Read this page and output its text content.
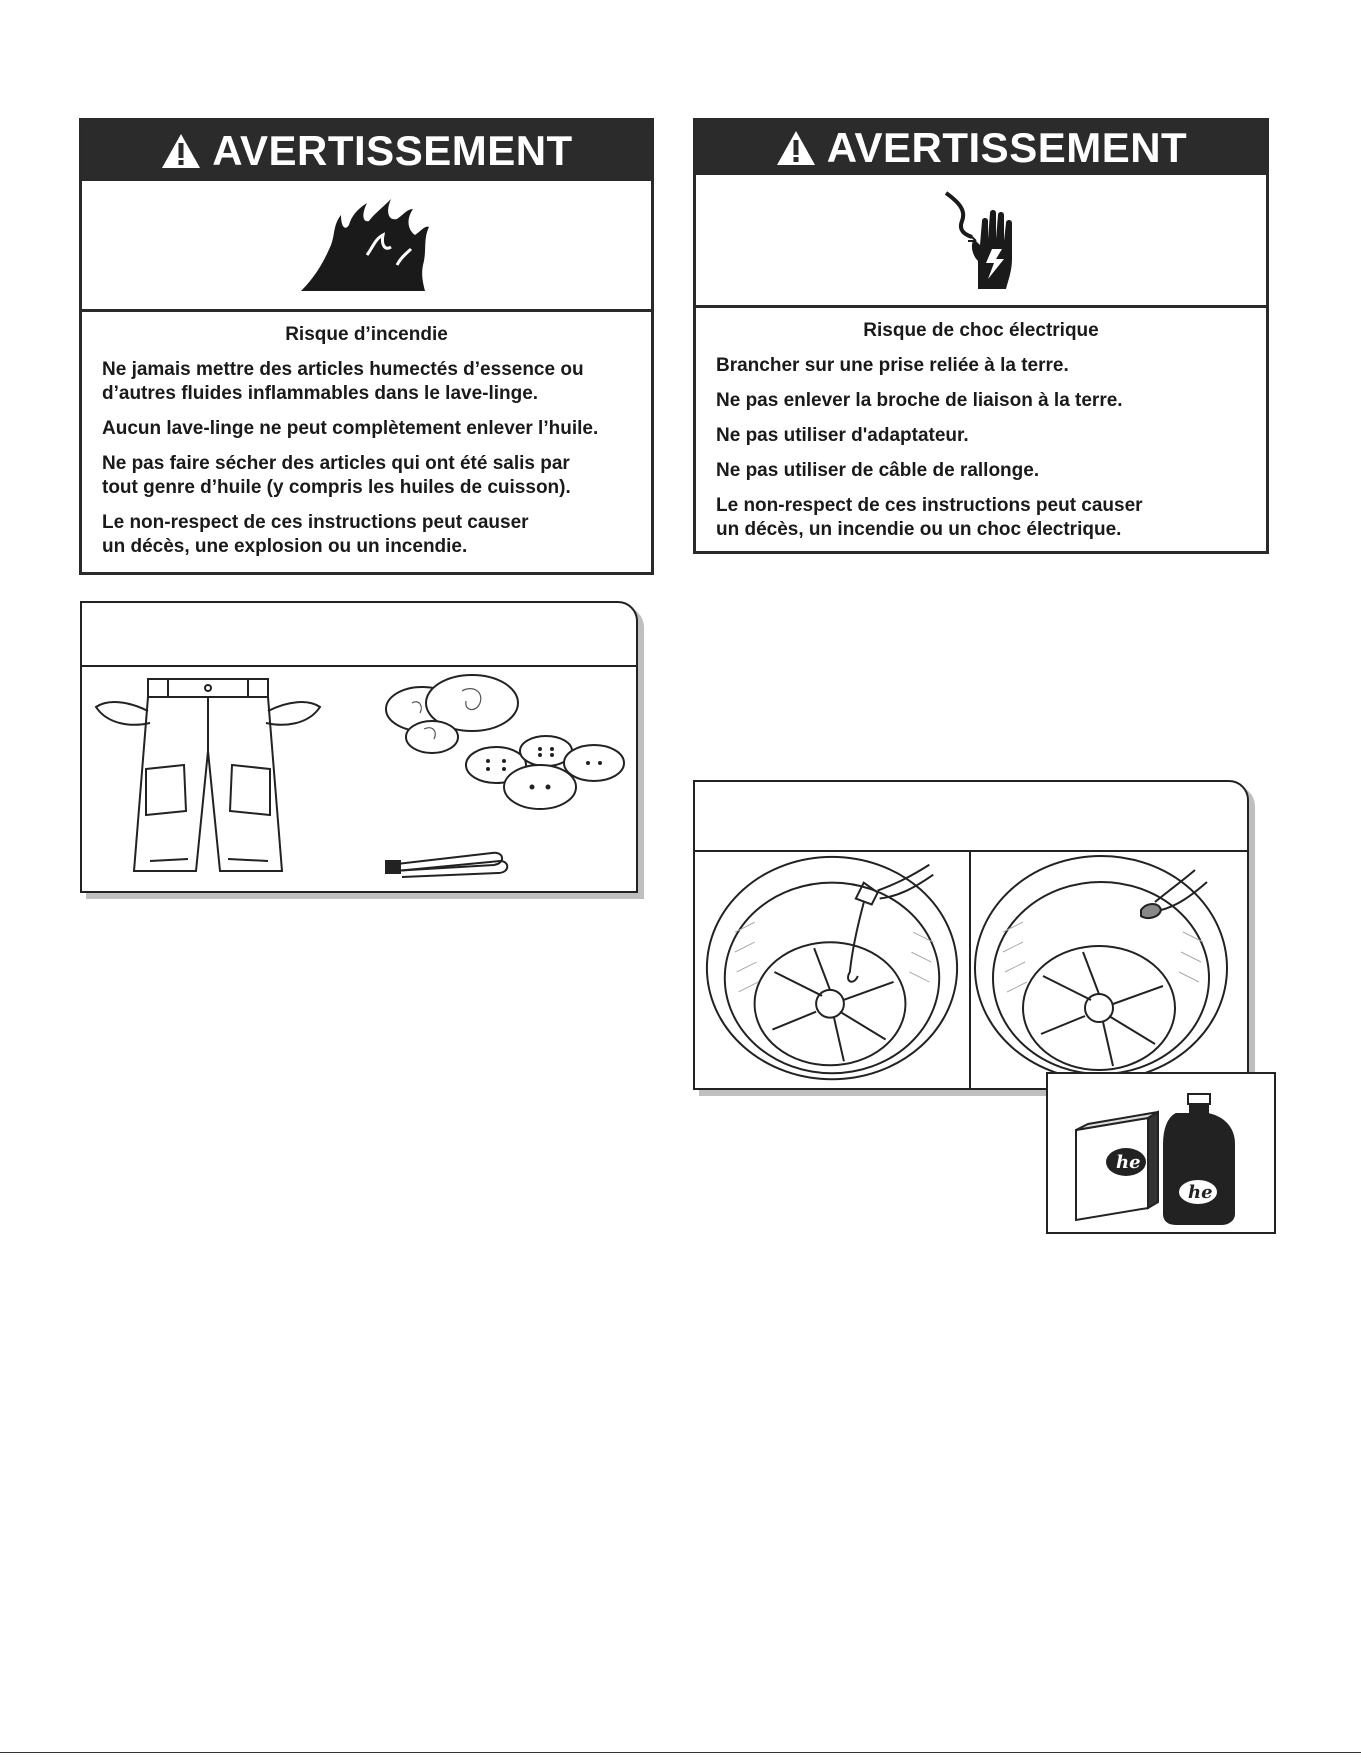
AVERTISSEMENT
Risque d’incendie
Ne jamais mettre des articles humectés d’essence ou
d’autres fluides inflammables dans le lave-linge.
Aucun lave-linge ne peut complètement enlever l’huile.
Ne pas faire sécher des articles qui ont été salis par
tout genre d’huile (y compris les huiles de cuisson).
Le non-respect de ces instructions peut causer
un décès, une explosion ou un incendie.
AVERTISSEMENT
Risque de choc électrique
Brancher sur une prise reliée à la terre.
Ne pas enlever la broche de liaison à la terre.
Ne pas utiliser d'adaptateur.
Ne pas utiliser de câble de rallonge.
Le non-respect de ces instructions peut causer
un décès, un incendie ou un choc électrique.
he
he
